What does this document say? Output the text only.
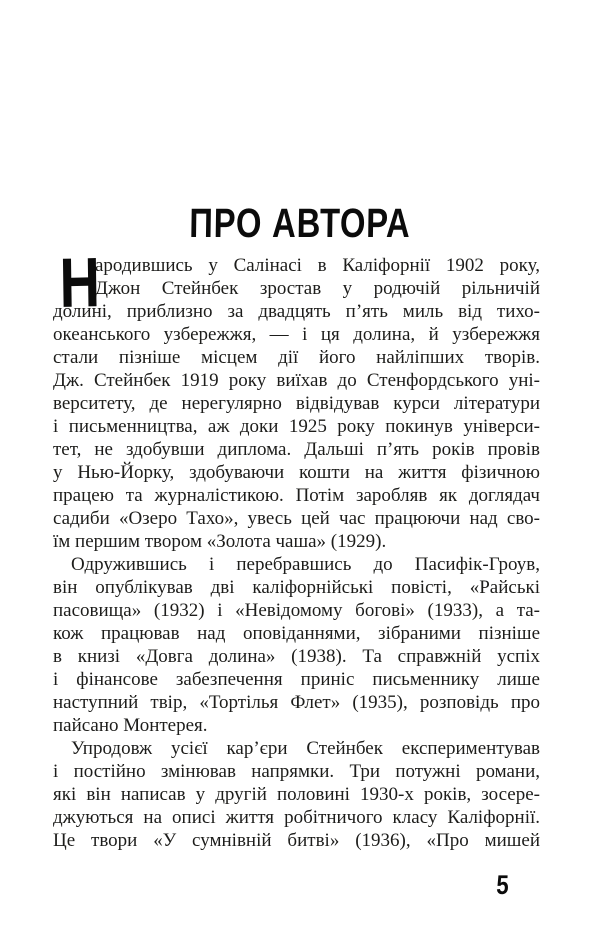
ПРО АВТОРА
Н
ародившись у Салінасі в Каліфорнії 1902 року,
Джон Стейнбек зростав у родючій рільничій
долині, приблизно за двадцять п’ять миль від тихо-
океанського узбережжя, — і ця долина, й узбережжя
стали пізніше місцем дії його найліпших творів.
Дж. Стейнбек 1919 року виїхав до Стенфордського уні-
верситету, де нерегулярно відвідував курси літератури
і письменництва, аж доки 1925 року покинув універси-
тет, не здобувши диплома. Дальші п’ять років провів
у Нью-Йорку, здобуваючи кошти на життя фізичною
працею та журналістикою. Потім заробляв як доглядач
садиби «Озеро Тахо», увесь цей час працюючи над сво-
їм першим твором «Золота чаша» (1929).
Одружившись і перебравшись до Пасифік-Гроув,
він опублікував дві каліфорнійські повісті, «Райські
пасовища» (1932) і «Невідомому богові» (1933), а та-
кож працював над оповіданнями, зібраними пізніше
в книзі «Довга долина» (1938). Та справжній успіх
і фінансове забезпечення приніс письменнику лише
наступний твір, «Тортілья Флет» (1935), розповідь про
пайсано Монтерея.
Упродовж усієї кар’єри Стейнбек експериментував
і постійно змінював напрямки. Три потужні романи,
які він написав у другій половині 1930-х років, зосере-
джуються на описі життя робітничого класу Каліфорнії.
Це твори «У сумнівній битві» (1936), «Про мишей
5
